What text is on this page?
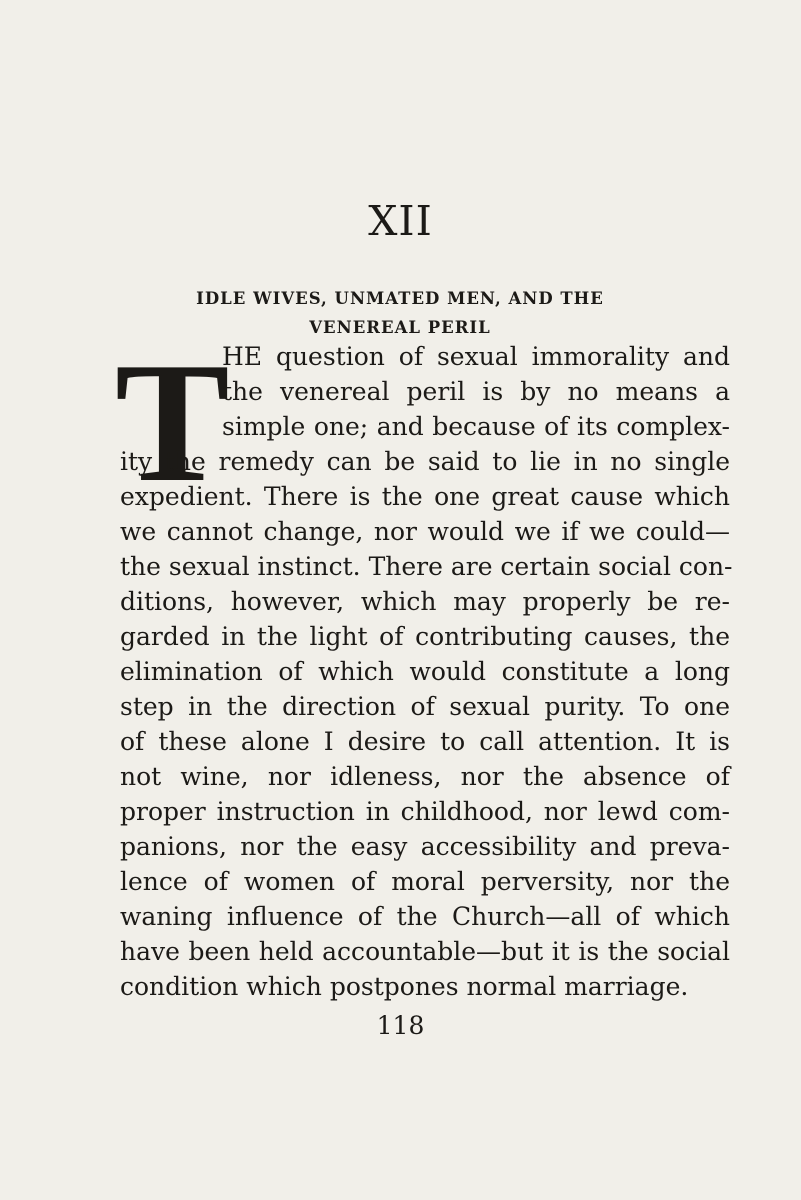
XII
IDLE WIVES, UNMATED MEN, AND THE
VENEREAL PERIL
T
HE question of sexual immorality and
the venereal peril is by no means a
simple one; and because of its complex-
ity the remedy can be said to lie in no single
expedient. There is the one great cause which
we cannot change, nor would we if we could—
the sexual instinct. There are certain social con-
ditions, however, which may properly be re-
garded in the light of contributing causes, the
elimination of which would constitute a long
step in the direction of sexual purity. To one
of these alone I desire to call attention. It is
not wine, nor idleness, nor the absence of
proper instruction in childhood, nor lewd com-
panions, nor the easy accessibility and preva-
lence of women of moral perversity, nor the
waning influence of the Church—all of which
have been held accountable—but it is the social
condition which postpones normal marriage.
118
